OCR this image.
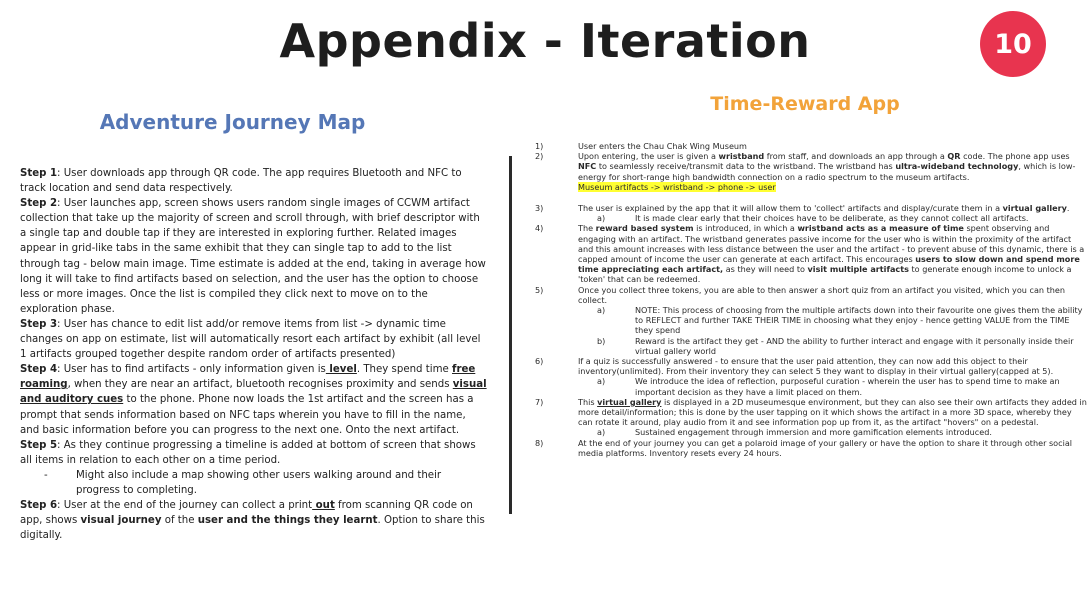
Appendix - Iteration	10
Adventure Journey Map
Time-Reward App

Step 1: User downloads app through QR code. The app requires Bluetooth and NFC to track location and send data respectively.

Step 2: User launches app, screen shows users random single images of CCWM artifact collection that take up the majority of screen and scroll through, with brief descriptor with a single tap and double tap if they are interested in exploring further. Related images appear in grid-like tabs in the same exhibit that they can single tap to add to the list through tag - below main image. Time estimate is added at the end, taking in average how long it will take to find artifacts based on selection, and the user has the option to choose less or more images. Once the list is compiled they click next to move on to the exploration phase.

Step 3: User has chance to edit list add/or remove items from list -> dynamic time changes on app on estimate, list will automatically resort each artifact by exhibit (all level 1 artifacts grouped together despite random order of artifacts presented)

Step 4: User has to find artifacts - only information given is level. They spend time free roaming, when they are near an artifact, bluetooth recognises proximity and sends visual and auditory cues to the phone. Phone now loads the 1st artifact and the screen has a prompt that sends information based on NFC taps wherein you have to fill in the name, and basic information before you can progress to the next one. Onto the next artifact.

Step 5: As they continue progressing a timeline is added at bottom of screen that shows all items in relation to each other on a time period.

-	Might also include a map showing other users walking around and their progress to completing.

Step 6: User at the end of the journey can collect a print out from scanning QR code on app, shows visual journey of the user and the things they learnt. Option to share this digitally.

1)	User enters the Chau Chak Wing Museum
2)	Upon entering, the user is given a wristband from staff, and downloads an app through a QR code. The phone app uses NFC to seamlessly receive/transmit data to the wristband. The wristband has ultra-wideband technology, which is low-energy for short-range high bandwidth connection on a radio spectrum to the museum artifacts.
Museum artifacts -> wristband -> phone -> user
3)	The user is explained by the app that it will allow them to 'collect' artifacts and display/curate them in a virtual gallery.
a)	It is made clear early that their choices have to be deliberate, as they cannot collect all artifacts.
4)	The reward based system is introduced, in which a wristband acts as a measure of time spent observing and engaging with an artifact. The wristband generates passive income for the user who is within the proximity of the artifact and this amount increases with less distance between the user and the artifact - to prevent abuse of this dynamic, there is a capped amount of income the user can generate at each artifact. This encourages users to slow down and spend more time appreciating each artifact, as they will need to visit multiple artifacts to generate enough income to unlock a 'token' that can be redeemed.
5)	Once you collect three tokens, you are able to then answer a short quiz from an artifact you visited, which you can then collect.
a)	NOTE: This process of choosing from the multiple artifacts down into their favourite one gives them the ability to REFLECT and further TAKE THEIR TIME in choosing what they enjoy - hence getting VALUE from the TIME they spend
b)	Reward is the artifact they get - AND the ability to further interact and engage with it personally inside their virtual gallery world
6)	If a quiz is successfully answered - to ensure that the user paid attention, they can now add this object to their inventory(unlimited). From their inventory they can select 5 they want to display in their virtual gallery(capped at 5).
a)	We introduce the idea of reflection, purposeful curation - wherein the user has to spend time to make an important decision as they have a limit placed on them.
7)	This virtual gallery is displayed in a 2D museumesque environment, but they can also see their own artifacts they added in more detail/information; this is done by the user tapping on it which shows the artifact in a more 3D space, whereby they can rotate it around, play audio from it and see information pop up from it, as the artifact "hovers" on a pedestal.
a)	Sustained engagement through immersion and more gamification elements introduced.
8)	At the end of your journey you can get a polaroid image of your gallery or have the option to share it through other social media platforms. Inventory resets every 24 hours.
